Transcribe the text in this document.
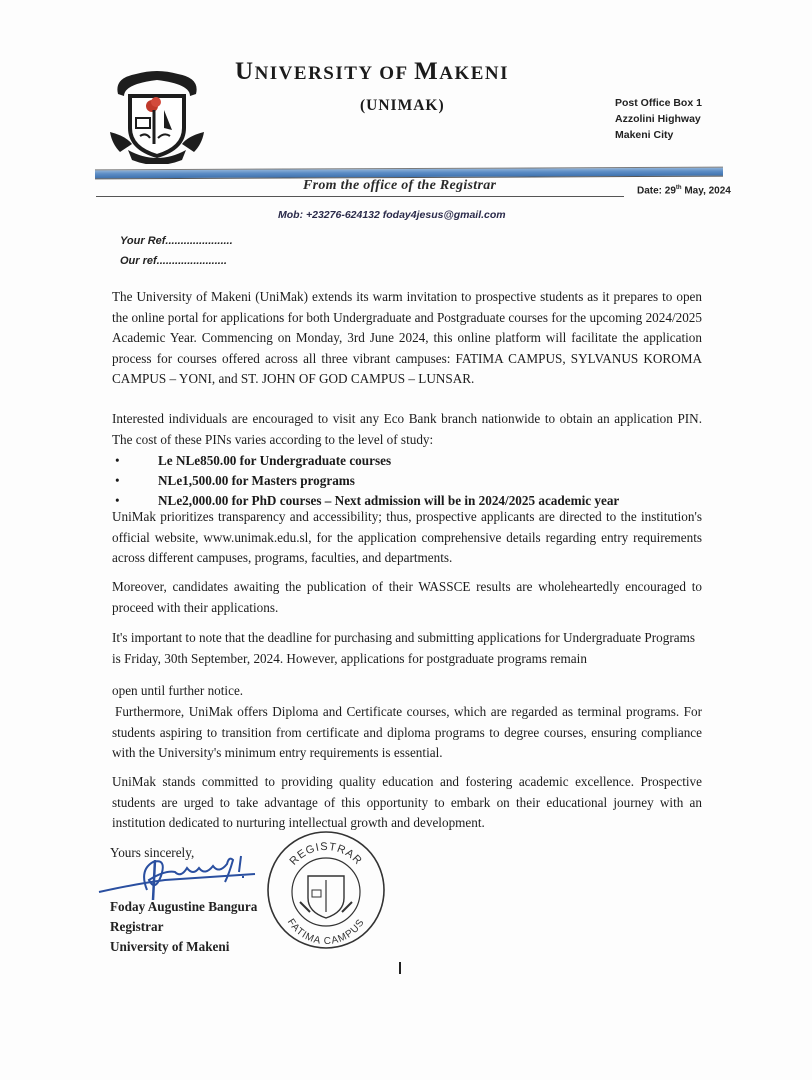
UNIVERSITY OF MAKENI
(UNIMAK)	Post Office Box 1
Azzolini Highway
Makeni City
From the office of the Registrar	Date: 29th May, 2024
Mob: +23276-624132 foday4jesus@gmail.com
Your Ref......................
Our ref.......................
The University of Makeni (UniMak) extends its warm invitation to prospective students as it prepares to open the online portal for applications for both Undergraduate and Postgraduate courses for the upcoming 2024/2025 Academic Year. Commencing on Monday, 3rd June 2024, this online platform will facilitate the application process for courses offered across all three vibrant campuses: FATIMA CAMPUS, SYLVANUS KOROMA CAMPUS – YONI, and ST. JOHN OF GOD CAMPUS – LUNSAR.
Interested individuals are encouraged to visit any Eco Bank branch nationwide to obtain an application PIN. The cost of these PINs varies according to the level of study:
•	Le NLe850.00 for Undergraduate courses
•	NLe1,500.00 for Masters programs
•	NLe2,000.00 for PhD courses – Next admission will be in 2024/2025 academic year
UniMak prioritizes transparency and accessibility; thus, prospective applicants are directed to the institution's official website, www.unimak.edu.sl, for the application comprehensive details regarding entry requirements across different campuses, programs, faculties, and departments.
Moreover, candidates awaiting the publication of their WASSCE results are wholeheartedly encouraged to proceed with their applications.
It's important to note that the deadline for purchasing and submitting applications for Undergraduate Programs is Friday, 30th September, 2024. However, applications for postgraduate programs remain
open until further notice.
Furthermore, UniMak offers Diploma and Certificate courses, which are regarded as terminal programs. For students aspiring to transition from certificate and diploma programs to degree courses, ensuring compliance with the University's minimum entry requirements is essential.
UniMak stands committed to providing quality education and fostering academic excellence. Prospective students are urged to take advantage of this opportunity to embark on their educational journey with an institution dedicated to nurturing intellectual growth and development.
Yours sincerely,
Foday Augustine Bangura
Registrar
University of Makeni
REGISTRAR
FATIMA CAMPUS
